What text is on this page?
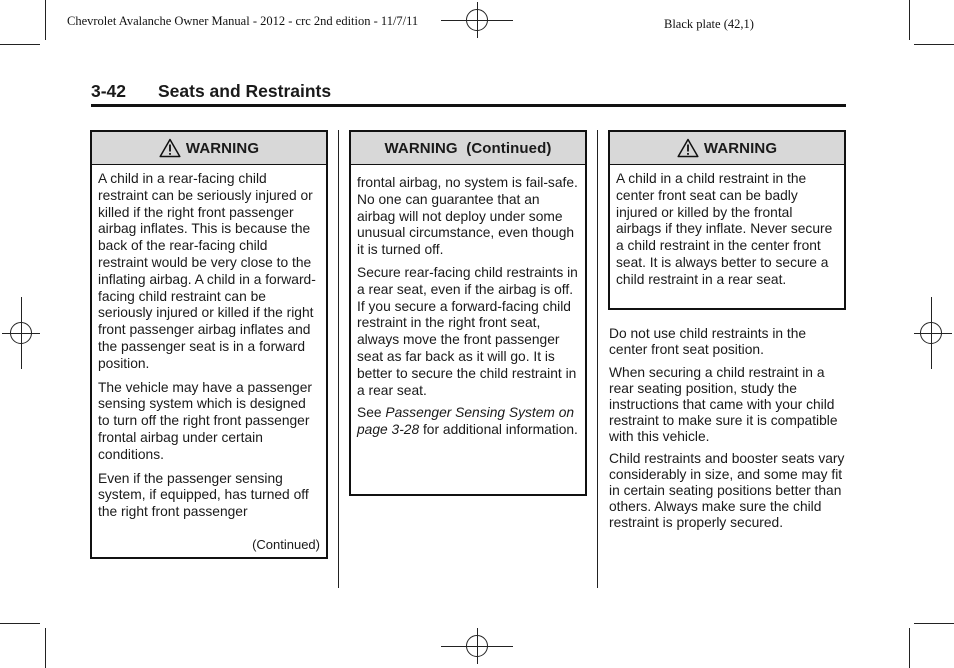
Chevrolet Avalanche Owner Manual - 2012 - crc 2nd edition - 11/7/11	Black plate (42,1)
3-42 Seats and Restraints
WARNING

A child in a rear-facing child restraint can be seriously injured or killed if the right front passenger airbag inflates. This is because the back of the rear-facing child restraint would be very close to the inflating airbag. A child in a forward-facing child restraint can be seriously injured or killed if the right front passenger airbag inflates and the passenger seat is in a forward position.

The vehicle may have a passenger sensing system which is designed to turn off the right front passenger frontal airbag under certain conditions.

Even if the passenger sensing system, if equipped, has turned off the right front passenger

(Continued)
WARNING  (Continued)

frontal airbag, no system is fail-safe. No one can guarantee that an airbag will not deploy under some unusual circumstance, even though it is turned off.

Secure rear-facing child restraints in a rear seat, even if the airbag is off. If you secure a forward-facing child restraint in the right front seat, always move the front passenger seat as far back as it will go. It is better to secure the child restraint in a rear seat.

See Passenger Sensing System on page 3-28 for additional information.

WARNING

A child in a child restraint in the center front seat can be badly injured or killed by the frontal airbags if they inflate. Never secure a child restraint in the center front seat. It is always better to secure a child restraint in a rear seat.

Do not use child restraints in the center front seat position.

When securing a child restraint in a rear seating position, study the instructions that came with your child restraint to make sure it is compatible with this vehicle.

Child restraints and booster seats vary considerably in size, and some may fit in certain seating positions better than others. Always make sure the child restraint is properly secured.
